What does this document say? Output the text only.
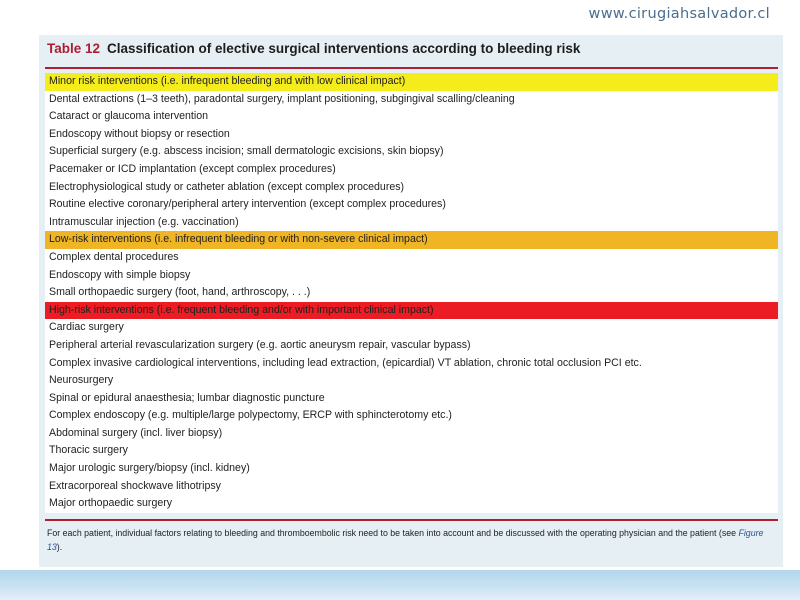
www.cirugiahsalvador.cl
Table 12 Classification of elective surgical interventions according to bleeding risk
Minor risk interventions (i.e. infrequent bleeding and with low clinical impact)
Dental extractions (1–3 teeth), paradontal surgery, implant positioning, subgingival scalling/cleaning
Cataract or glaucoma intervention
Endoscopy without biopsy or resection
Superficial surgery (e.g. abscess incision; small dermatologic excisions, skin biopsy)
Pacemaker or ICD implantation (except complex procedures)
Electrophysiological study or catheter ablation (except complex procedures)
Routine elective coronary/peripheral artery intervention (except complex procedures)
Intramuscular injection (e.g. vaccination)
Low-risk interventions (i.e. infrequent bleeding or with non-severe clinical impact)
Complex dental procedures
Endoscopy with simple biopsy
Small orthopaedic surgery (foot, hand, arthroscopy, . . .)
High-risk interventions (i.e. frequent bleeding and/or with important clinical impact)
Cardiac surgery
Peripheral arterial revascularization surgery (e.g. aortic aneurysm repair, vascular bypass)
Complex invasive cardiological interventions, including lead extraction, (epicardial) VT ablation, chronic total occlusion PCI etc.
Neurosurgery
Spinal or epidural anaesthesia; lumbar diagnostic puncture
Complex endoscopy (e.g. multiple/large polypectomy, ERCP with sphincterotomy etc.)
Abdominal surgery (incl. liver biopsy)
Thoracic surgery
Major urologic surgery/biopsy (incl. kidney)
Extracorporeal shockwave lithotripsy
Major orthopaedic surgery
For each patient, individual factors relating to bleeding and thromboembolic risk need to be taken into account and be discussed with the operating physician and the patient (see Figure 13).
